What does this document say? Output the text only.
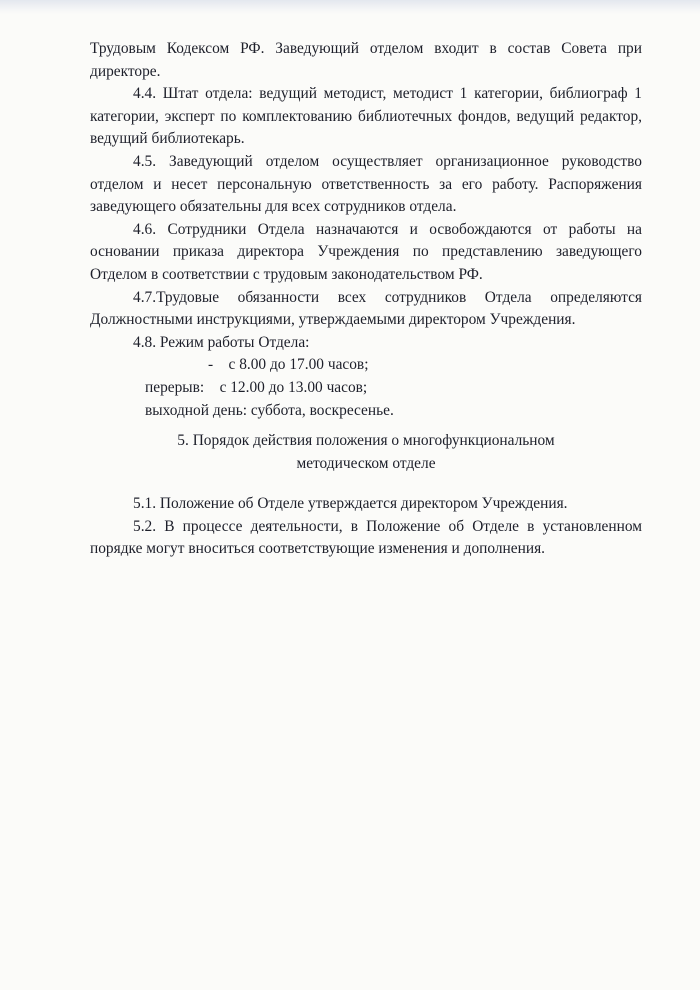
Трудовым Кодексом РФ. Заведующий отделом входит в состав Совета при директоре.

4.4. Штат отдела: ведущий методист, методист 1 категории, библиограф 1 категории, эксперт по комплектованию библиотечных фондов, ведущий редактор, ведущий библиотекарь.

4.5. Заведующий отделом осуществляет организационное руководство отделом и несет персональную ответственность за его работу. Распоряжения заведующего обязательны для всех сотрудников отдела.

4.6. Сотрудники Отдела назначаются и освобождаются от работы на основании приказа директора Учреждения по представлению заведующего Отделом в соответствии с трудовым законодательством РФ.

4.7.Трудовые обязанности всех сотрудников Отдела определяются Должностными инструкциями, утверждаемыми директором Учреждения.

4.8. Режим работы Отдела:

-    с 8.00 до 17.00 часов;
перерыв:    с 12.00 до 13.00 часов;
выходной день: суббота, воскресенье.
5. Порядок действия положения о многофункциональном
методическом отделе

5.1. Положение об Отделе утверждается директором Учреждения.

5.2. В процессе деятельности, в Положение об Отделе в установленном порядке могут вноситься соответствующие изменения и дополнения.
